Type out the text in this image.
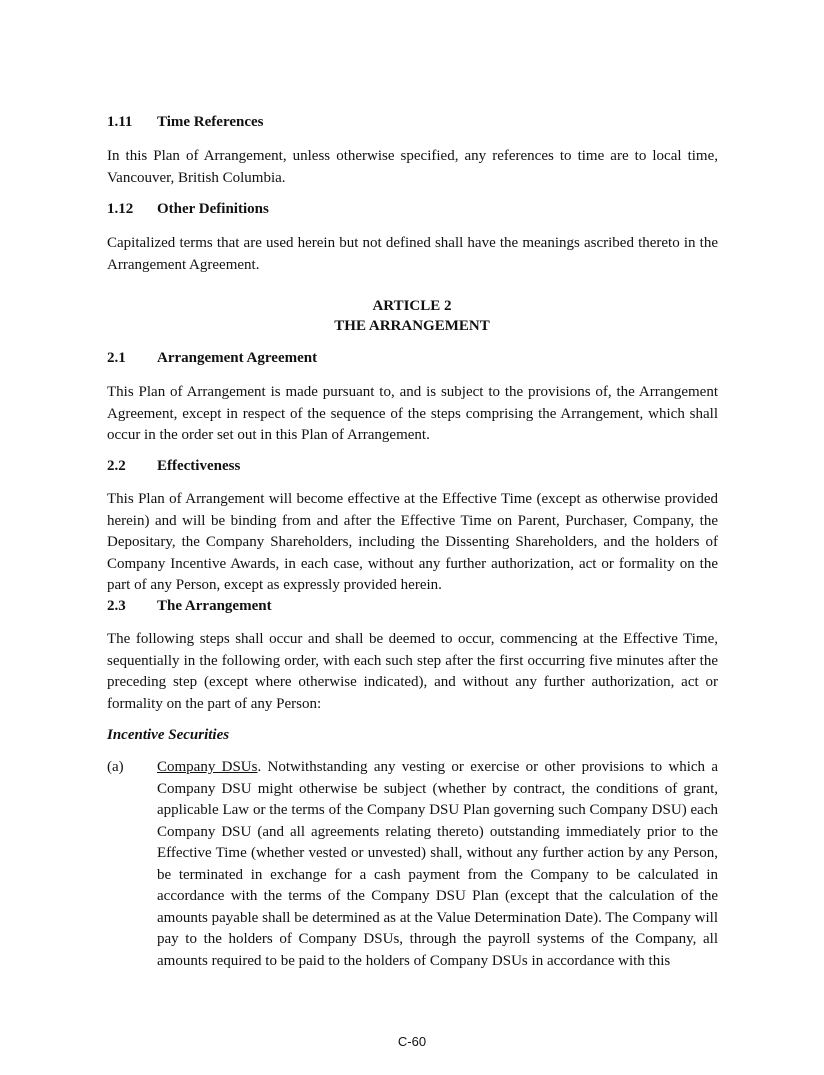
1.11 Time References
In this Plan of Arrangement, unless otherwise specified, any references to time are to local time, Vancouver, British Columbia.
1.12 Other Definitions
Capitalized terms that are used herein but not defined shall have the meanings ascribed thereto in the Arrangement Agreement.
ARTICLE 2
THE ARRANGEMENT
2.1 Arrangement Agreement
This Plan of Arrangement is made pursuant to, and is subject to the provisions of, the Arrangement Agreement, except in respect of the sequence of the steps comprising the Arrangement, which shall occur in the order set out in this Plan of Arrangement.
2.2 Effectiveness
This Plan of Arrangement will become effective at the Effective Time (except as otherwise provided herein) and will be binding from and after the Effective Time on Parent, Purchaser, Company, the Depositary, the Company Shareholders, including the Dissenting Shareholders, and the holders of Company Incentive Awards, in each case, without any further authorization, act or formality on the part of any Person, except as expressly provided herein.
2.3 The Arrangement
The following steps shall occur and shall be deemed to occur, commencing at the Effective Time, sequentially in the following order, with each such step after the first occurring five minutes after the preceding step (except where otherwise indicated), and without any further authorization, act or formality on the part of any Person:
Incentive Securities
(a) Company DSUs. Notwithstanding any vesting or exercise or other provisions to which a Company DSU might otherwise be subject (whether by contract, the conditions of grant, applicable Law or the terms of the Company DSU Plan governing such Company DSU) each Company DSU (and all agreements relating thereto) outstanding immediately prior to the Effective Time (whether vested or unvested) shall, without any further action by any Person, be terminated in exchange for a cash payment from the Company to be calculated in accordance with the terms of the Company DSU Plan (except that the calculation of the amounts payable shall be determined as at the Value Determination Date). The Company will pay to the holders of Company DSUs, through the payroll systems of the Company, all amounts required to be paid to the holders of Company DSUs in accordance with this
C-60
